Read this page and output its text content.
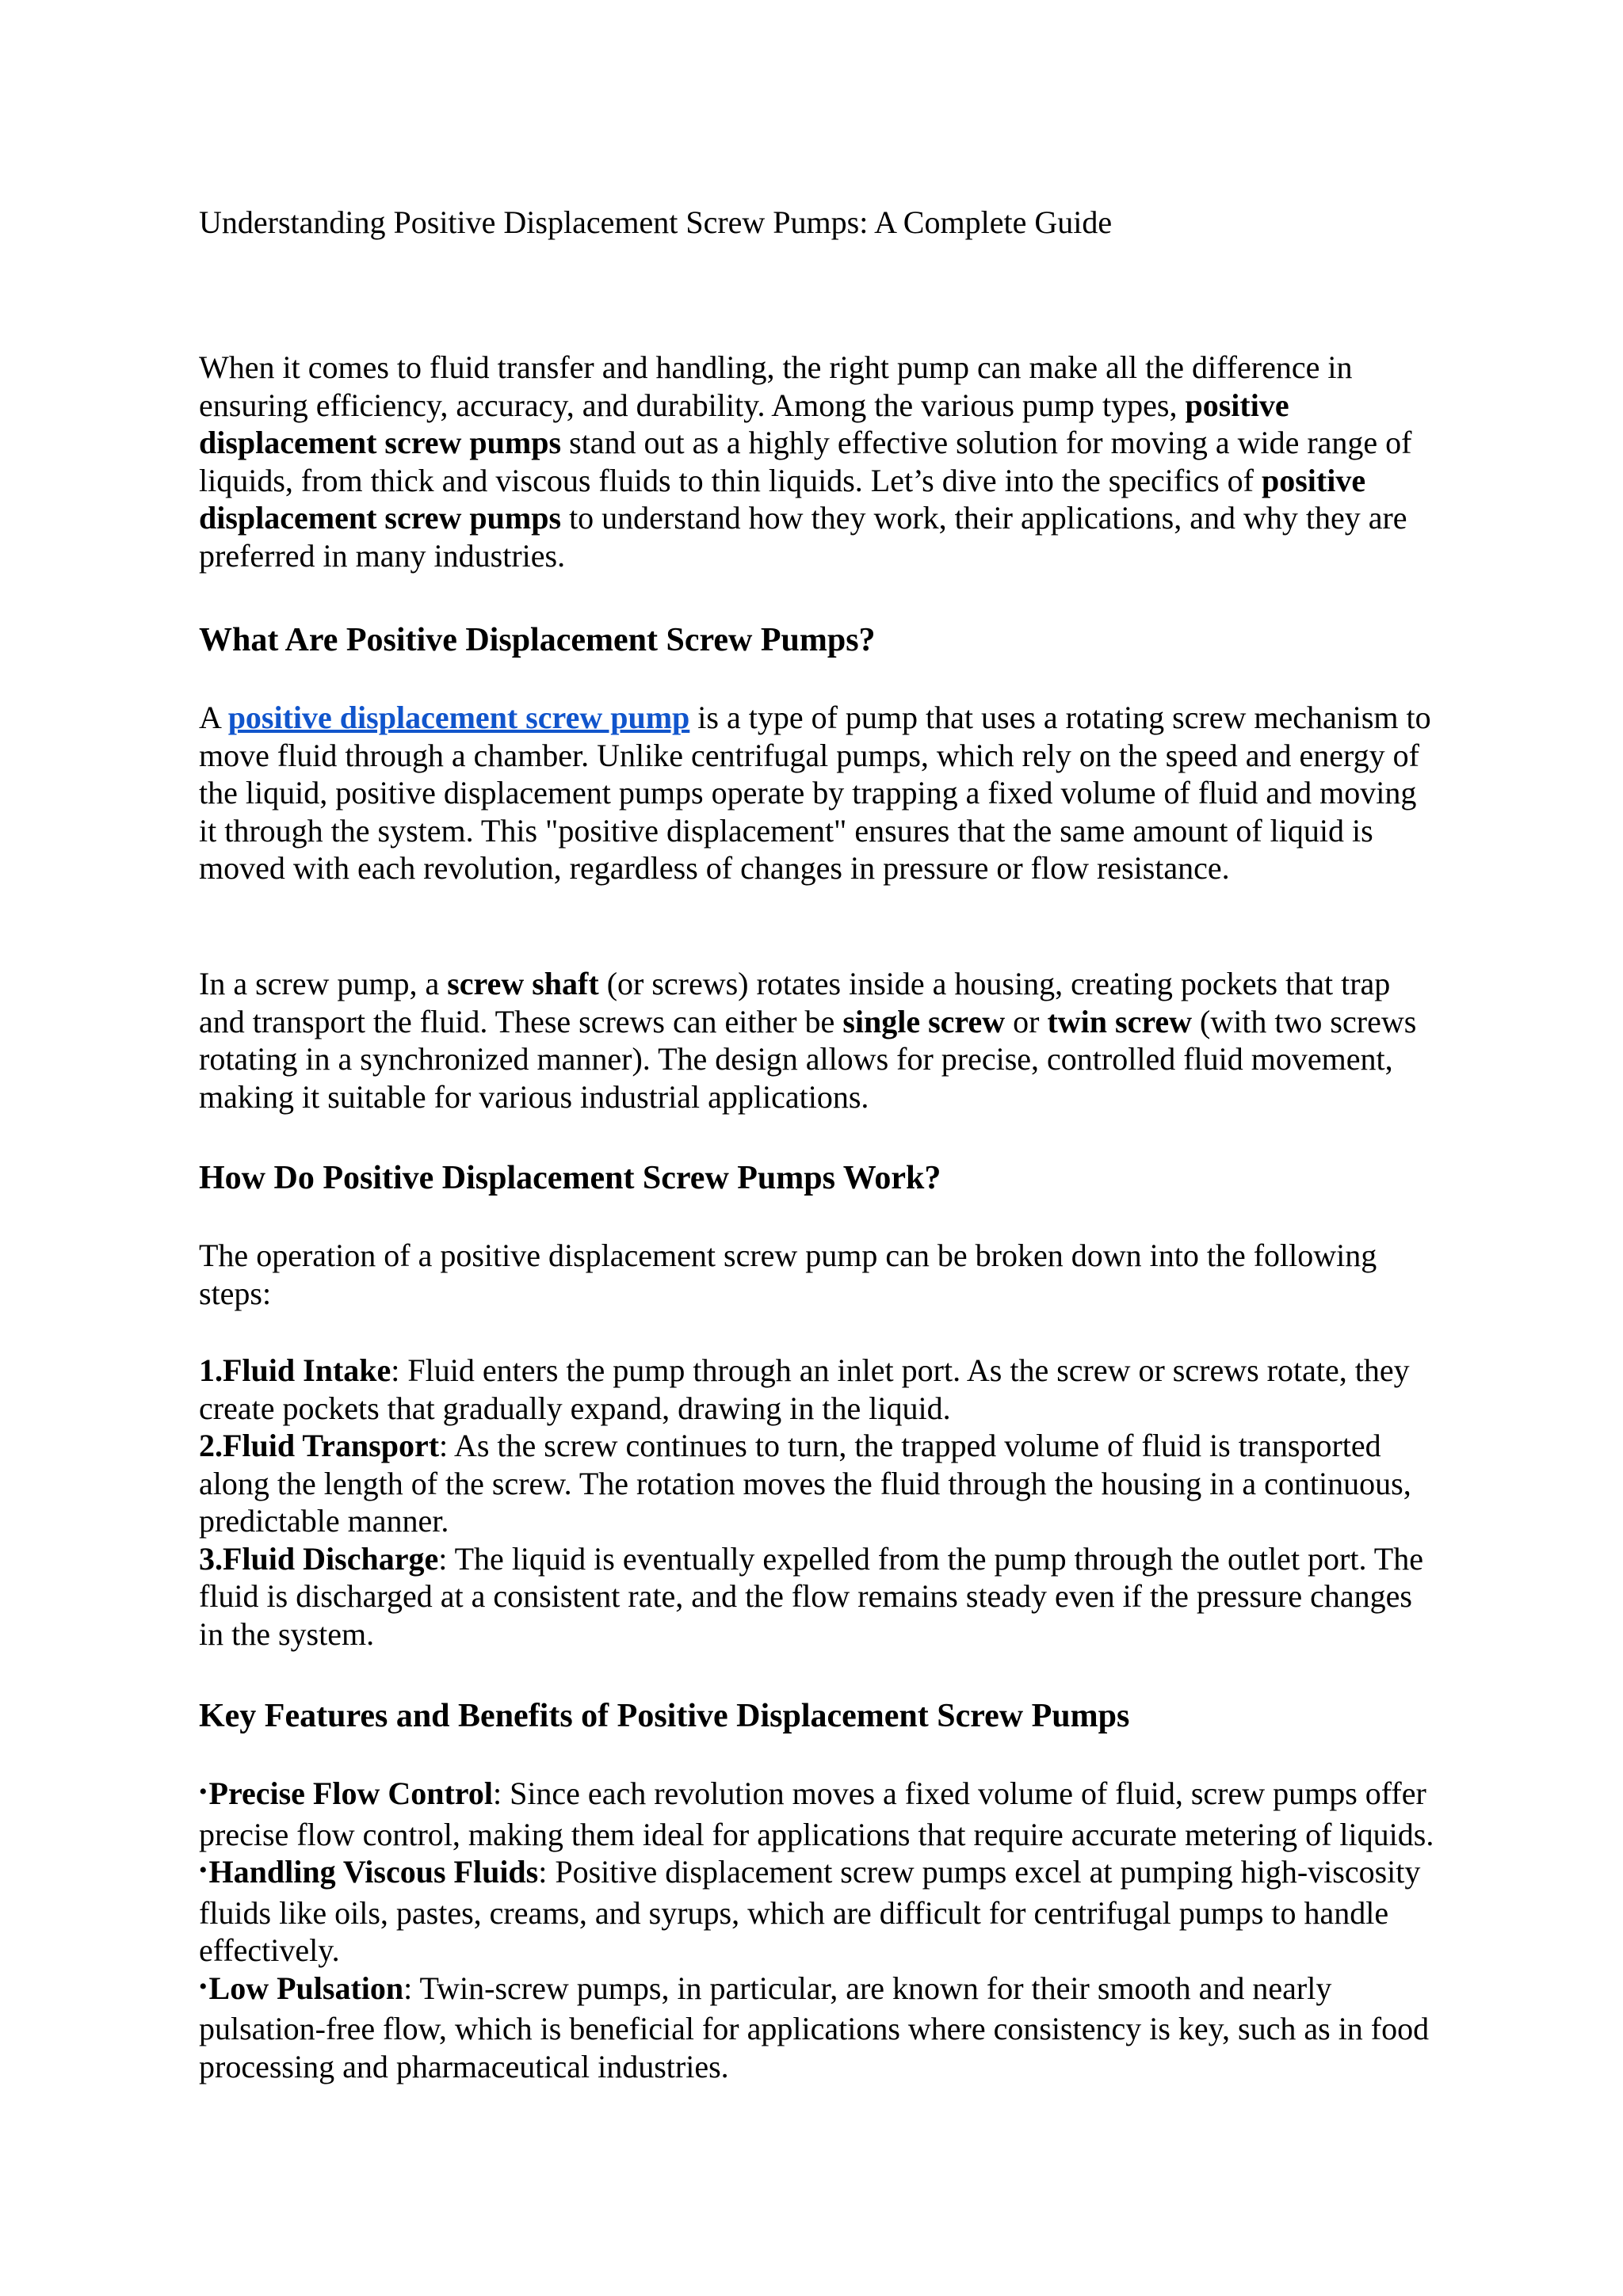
Understanding Positive Displacement Screw Pumps: A Complete Guide

When it comes to fluid transfer and handling, the right pump can make all the difference in ensuring efficiency, accuracy, and durability. Among the various pump types, positive displacement screw pumps stand out as a highly effective solution for moving a wide range of liquids, from thick and viscous fluids to thin liquids. Let’s dive into the specifics of positive displacement screw pumps to understand how they work, their applications, and why they are preferred in many industries.

What Are Positive Displacement Screw Pumps?

A positive displacement screw pump is a type of pump that uses a rotating screw mechanism to move fluid through a chamber. Unlike centrifugal pumps, which rely on the speed and energy of the liquid, positive displacement pumps operate by trapping a fixed volume of fluid and moving it through the system. This "positive displacement" ensures that the same amount of liquid is moved with each revolution, regardless of changes in pressure or flow resistance.

In a screw pump, a screw shaft (or screws) rotates inside a housing, creating pockets that trap and transport the fluid. These screws can either be single screw or twin screw (with two screws rotating in a synchronized manner). The design allows for precise, controlled fluid movement, making it suitable for various industrial applications.

How Do Positive Displacement Screw Pumps Work?

The operation of a positive displacement screw pump can be broken down into the following steps:

1.Fluid Intake: Fluid enters the pump through an inlet port. As the screw or screws rotate, they create pockets that gradually expand, drawing in the liquid.

2.Fluid Transport: As the screw continues to turn, the trapped volume of fluid is transported along the length of the screw. The rotation moves the fluid through the housing in a continuous, predictable manner.

3.Fluid Discharge: The liquid is eventually expelled from the pump through the outlet port. The fluid is discharged at a consistent rate, and the flow remains steady even if the pressure changes in the system.

Key Features and Benefits of Positive Displacement Screw Pumps

•Precise Flow Control: Since each revolution moves a fixed volume of fluid, screw pumps offer precise flow control, making them ideal for applications that require accurate metering of liquids.

•Handling Viscous Fluids: Positive displacement screw pumps excel at pumping high-viscosity fluids like oils, pastes, creams, and syrups, which are difficult for centrifugal pumps to handle effectively.

•Low Pulsation: Twin-screw pumps, in particular, are known for their smooth and nearly pulsation-free flow, which is beneficial for applications where consistency is key, such as in food processing and pharmaceutical industries.
